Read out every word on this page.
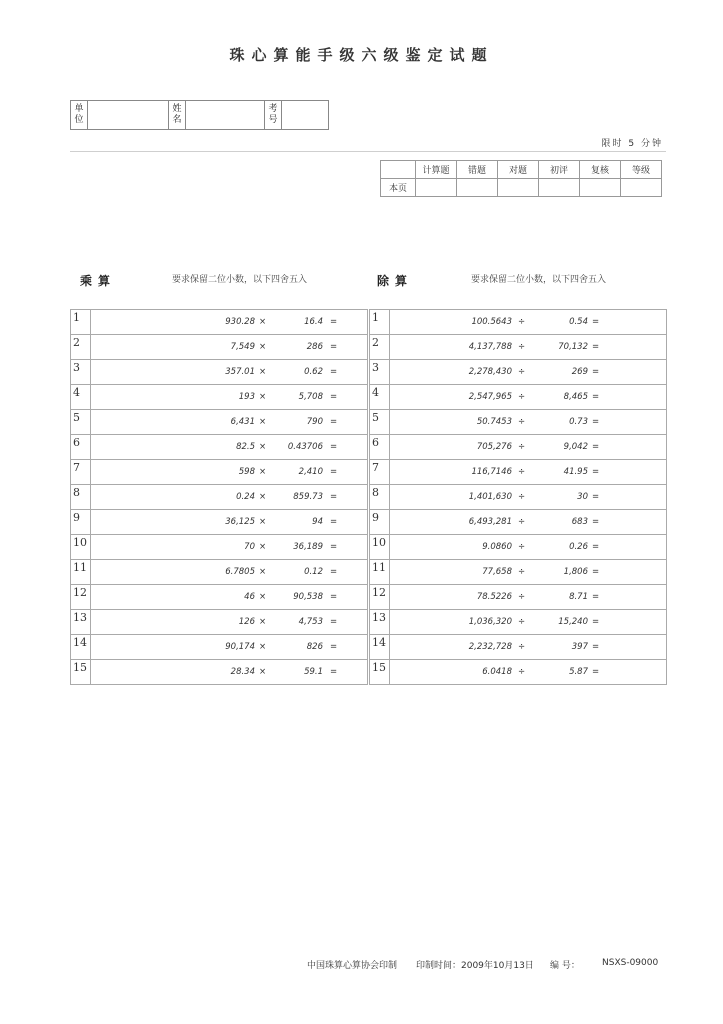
珠心算能手级六级鉴定试题
单位		姓名		考号	
限时 5 分钟
	计算题	错题	对题	初评	复核	等级
本页						
乘算	要求保留二位小数，以下四舍五入	除算	要求保留二位小数，以下四舍五入
1	930.28 × 16.4 =

2	7,549 × 286 =

3	357.01 × 0.62 =

4	193 × 5,708 =

5	6,431 × 790 =

6	82.5 × 0.43706 =

7	598 × 2,410 =

8	0.24 × 859.73 =

9	36,125 × 94 =

10	70 × 36,189 =

11	6.7805 × 0.12 =

12	46 × 90,538 =

13	126 × 4,753 =

14	90,174 × 826 =

15	28.34 × 59.1 =
1	100.5643 ÷ 0.54 =

2	4,137,788 ÷ 70,132 =

3	2,278,430 ÷ 269 =

4	2,547,965 ÷ 8,465 =

5	50.7453 ÷ 0.73 =

6	705,276 ÷ 9,042 =

7	116,7146 ÷ 41.95 =

8	1,401,630 ÷ 30 =

9	6,493,281 ÷ 683 =

10	9.0860 ÷ 0.26 =

11	77,658 ÷ 1,806 =

12	78.5226 ÷ 8.71 =

13	1,036,320 ÷ 15,240 =

14	2,232,728 ÷ 397 =

15	6.0418 ÷ 5.87 =
中国珠算心算协会印制 印制时间：2009年10月13日 编 号： NSXS-09000
